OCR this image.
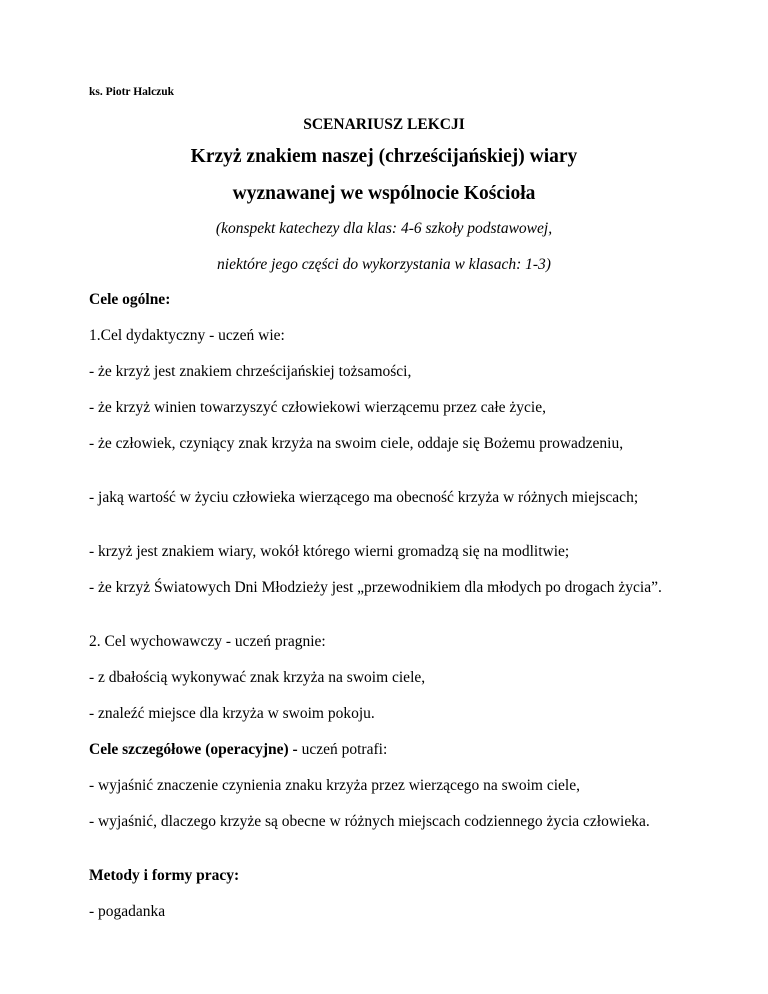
ks. Piotr Halczuk
SCENARIUSZ LEKCJI
Krzyż znakiem naszej (chrześcijańskiej) wiary
wyznawanej we wspólnocie Kościoła
(konspekt katechezy dla klas: 4-6 szkoły podstawowej,
niektóre jego części do wykorzystania w klasach: 1-3)
Cele ogólne:
1.Cel dydaktyczny - uczeń wie:
- że krzyż jest znakiem chrześcijańskiej tożsamości,
- że krzyż winien towarzyszyć człowiekowi wierzącemu przez całe życie,
- że człowiek, czyniący znak krzyża na swoim ciele, oddaje się Bożemu prowadzeniu,
- jaką wartość w życiu człowieka wierzącego ma obecność krzyża w różnych miejscach;
- krzyż jest znakiem wiary, wokół którego wierni gromadzą się na modlitwie;
- że krzyż Światowych Dni Młodzieży jest „przewodnikiem dla młodych po drogach życia”.
2. Cel wychowawczy - uczeń pragnie:
- z dbałością wykonywać znak krzyża na swoim ciele,
- znaleźć miejsce dla krzyża w swoim pokoju.
Cele szczegółowe (operacyjne) - uczeń potrafi:
- wyjaśnić znaczenie czynienia znaku krzyża przez wierzącego na swoim ciele,
- wyjaśnić, dlaczego krzyże są obecne w różnych miejscach codziennego życia człowieka.
Metody i formy pracy:
- pogadanka
